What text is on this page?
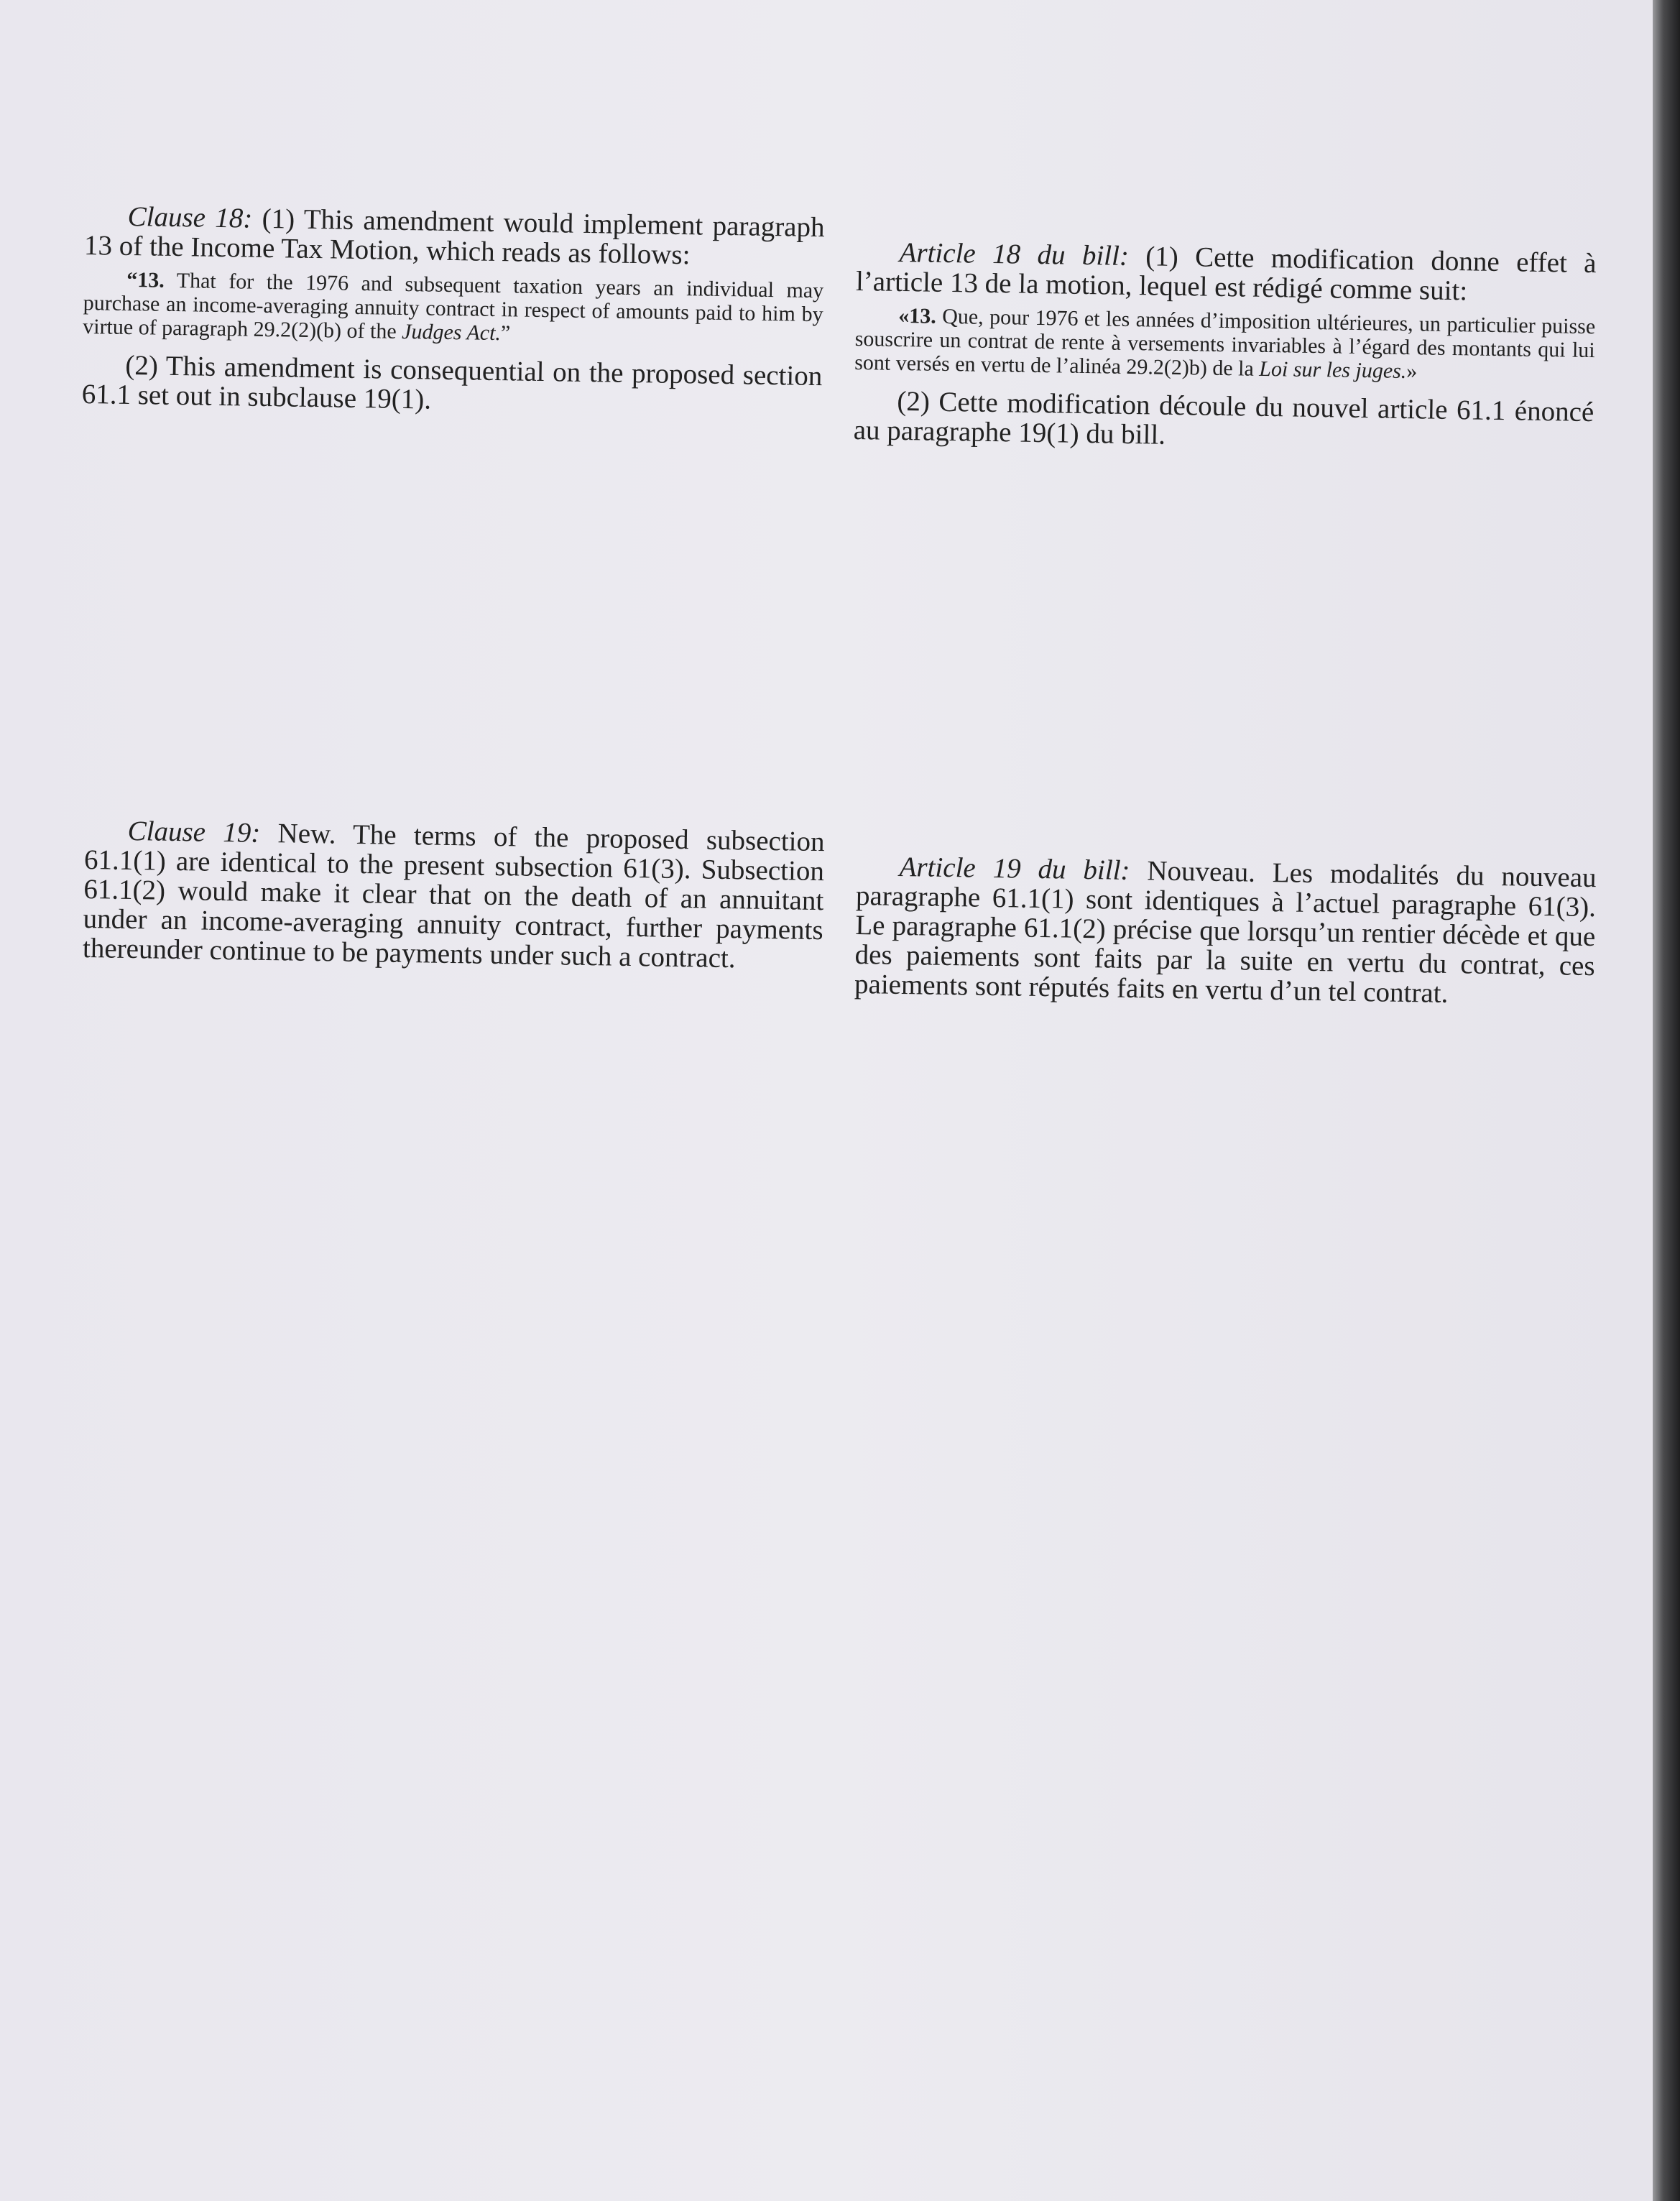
Clause 18: (1) This amendment would implement paragraph 13 of the Income Tax Motion, which reads as follows:

“13. That for the 1976 and subsequent taxation years an individual may purchase an income-averaging annuity contract in respect of amounts paid to him by virtue of paragraph 29.2(2)(b) of the Judges Act.”

(2) This amendment is consequential on the proposed section 61.1 set out in subclause 19(1).

Article 18 du bill: (1) Cette modification donne effet à l’article 13 de la motion, lequel est rédigé comme suit:

«13. Que, pour 1976 et les années d’imposition ultérieures, un particulier puisse souscrire un contrat de rente à versements invariables à l’égard des montants qui lui sont versés en vertu de l’alinéa 29.2(2)b) de la Loi sur les juges.»

(2) Cette modification découle du nouvel article 61.1 énoncé au paragraphe 19(1) du bill.

Clause 19: New. The terms of the proposed subsection 61.1(1) are identical to the present subsection 61(3). Subsection 61.1(2) would make it clear that on the death of an annuitant under an income-averaging annuity contract, further payments thereunder continue to be payments under such a contract.

Article 19 du bill: Nouveau. Les modalités du nouveau paragraphe 61.1(1) sont identiques à l’actuel paragraphe 61(3). Le paragraphe 61.1(2) précise que lorsqu’un rentier décède et que des paiements sont faits par la suite en vertu du contrat, ces paiements sont réputés faits en vertu d’un tel contrat.
